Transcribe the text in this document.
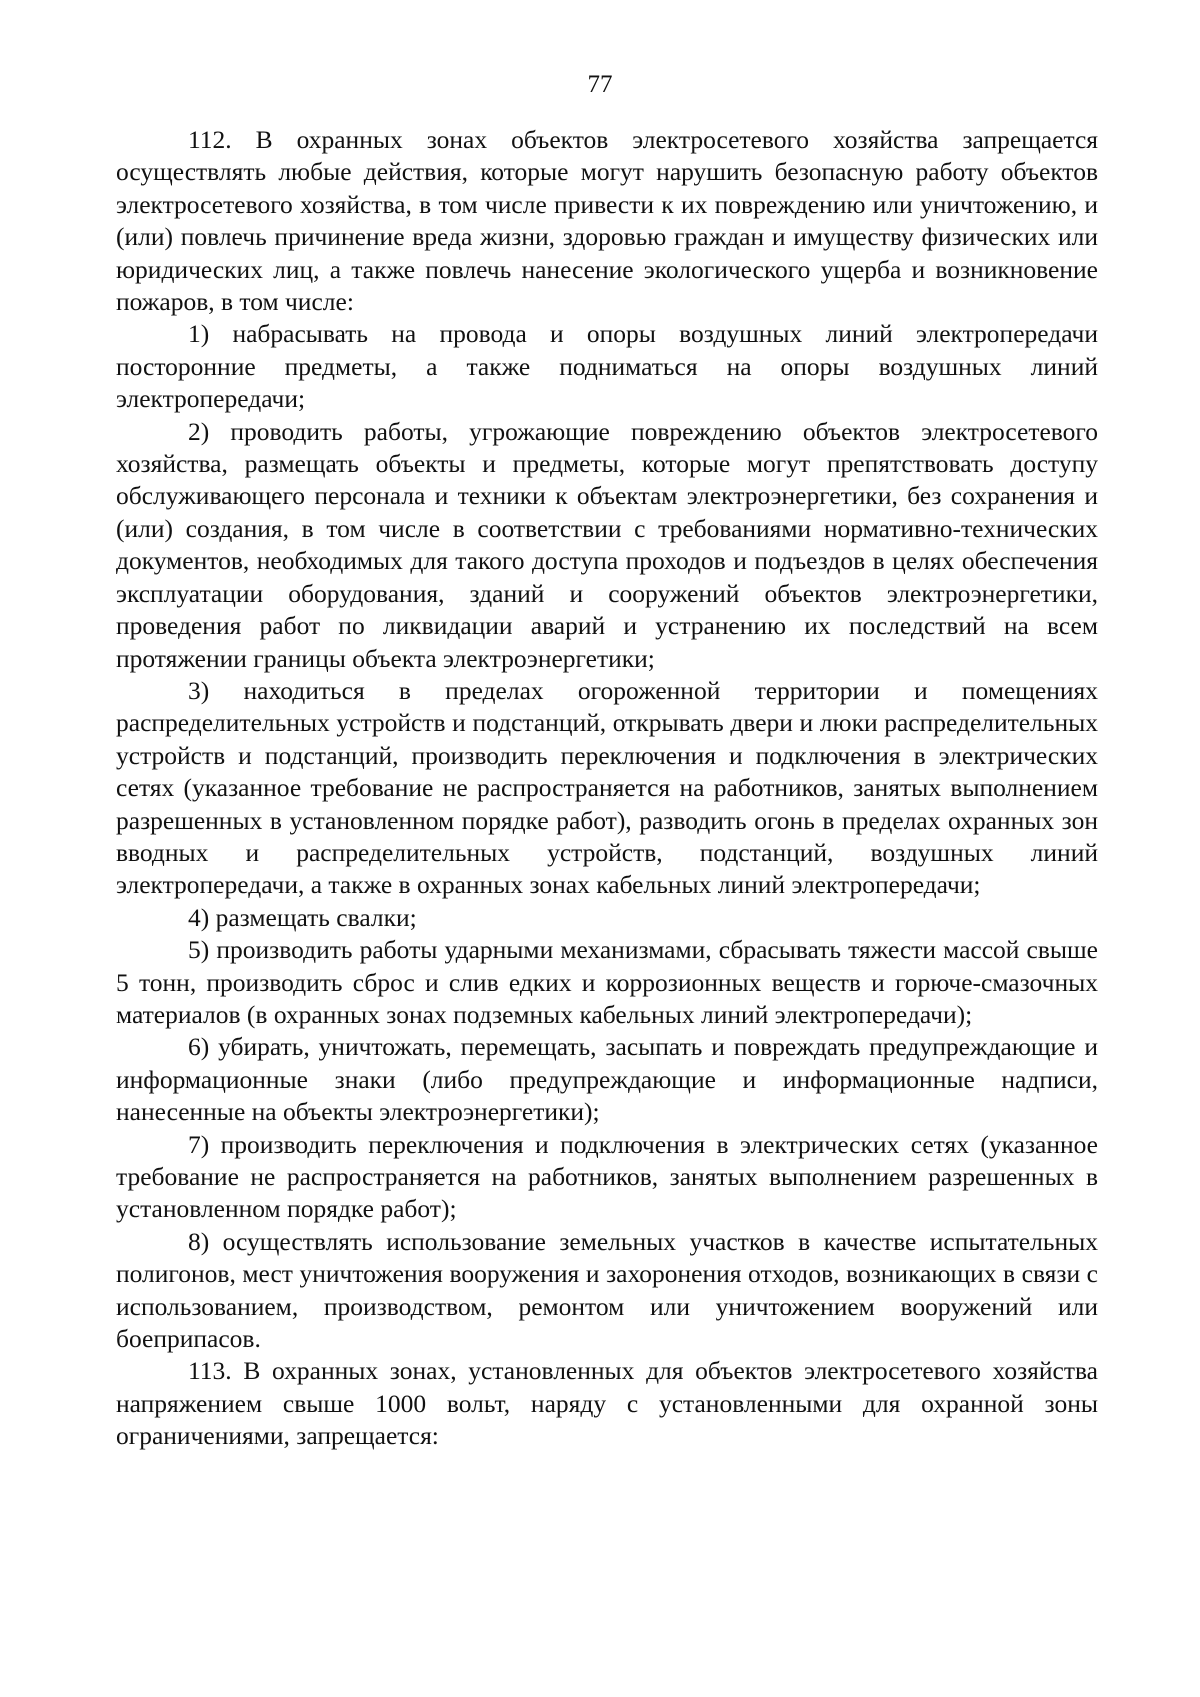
77

112. В охранных зонах объектов электросетевого хозяйства запрещается осуществлять любые действия, которые могут нарушить безопасную работу объектов электросетевого хозяйства, в том числе привести к их повреждению или уничтожению, и (или) повлечь причинение вреда жизни, здоровью граждан и имуществу физических или юридических лиц, а также повлечь нанесение экологического ущерба и возникновение пожаров, в том числе:

1) набрасывать на провода и опоры воздушных линий электропередачи посторонние предметы, а также подниматься на опоры воздушных линий электропередачи;

2) проводить работы, угрожающие повреждению объектов электросетевого хозяйства, размещать объекты и предметы, которые могут препятствовать доступу обслуживающего персонала и техники к объектам электроэнергетики, без сохранения и (или) создания, в том числе в соответствии с требованиями нормативно-технических документов, необходимых для такого доступа проходов и подъездов в целях обеспечения эксплуатации оборудования, зданий и сооружений объектов электроэнергетики, проведения работ по ликвидации аварий и устранению их последствий на всем протяжении границы объекта электроэнергетики;

3) находиться в пределах огороженной территории и помещениях распределительных устройств и подстанций, открывать двери и люки распределительных устройств и подстанций, производить переключения и подключения в электрических сетях (указанное требование не распространяется на работников, занятых выполнением разрешенных в установленном порядке работ), разводить огонь в пределах охранных зон вводных и распределительных устройств, подстанций, воздушных линий электропередачи, а также в охранных зонах кабельных линий электропередачи;

4) размещать свалки;

5) производить работы ударными механизмами, сбрасывать тяжести массой свыше 5 тонн, производить сброс и слив едких и коррозионных веществ и горюче-смазочных материалов (в охранных зонах подземных кабельных линий электропередачи);

6) убирать, уничтожать, перемещать, засыпать и повреждать предупреждающие и информационные знаки (либо предупреждающие и информационные надписи, нанесенные на объекты электроэнергетики);

7) производить переключения и подключения в электрических сетях (указанное требование не распространяется на работников, занятых выполнением разрешенных в установленном порядке работ);

8) осуществлять использование земельных участков в качестве испытательных полигонов, мест уничтожения вооружения и захоронения отходов, возникающих в связи с использованием, производством, ремонтом или уничтожением вооружений или боеприпасов.

113. В охранных зонах, установленных для объектов электросетевого хозяйства напряжением свыше 1000 вольт, наряду с установленными для охранной зоны ограничениями, запрещается:
